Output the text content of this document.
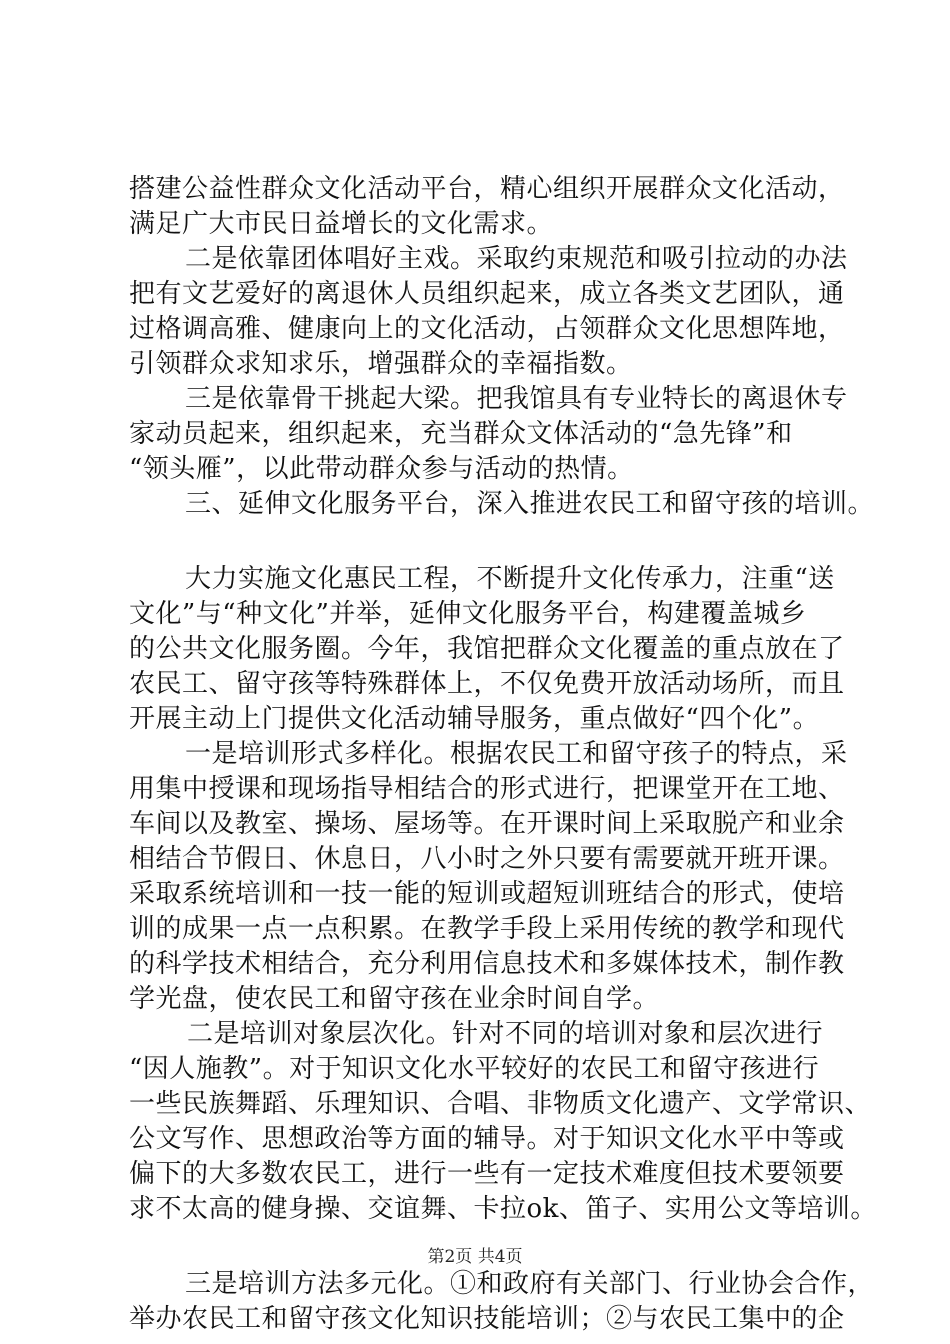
搭建公益性群众文化活动平台，精心组织开展群众文化活动，
满足广大市民日益增长的文化需求。
二是依靠团体唱好主戏。采取约束规范和吸引拉动的办法
把有文艺爱好的离退休人员组织起来，成立各类文艺团队，通
过格调高雅、健康向上的文化活动，占领群众文化思想阵地，
引领群众求知求乐，增强群众的幸福指数。
三是依靠骨干挑起大梁。把我馆具有专业特长的离退休专
家动员起来，组织起来，充当群众文体活动的“急先锋”和
“领头雁”，以此带动群众参与活动的热情。
三、延伸文化服务平台，深入推进农民工和留守孩的培训。
大力实施文化惠民工程，不断提升文化传承力，注重“送
文化”与“种文化”并举，延伸文化服务平台，构建覆盖城乡
的公共文化服务圈。今年，我馆把群众文化覆盖的重点放在了
农民工、留守孩等特殊群体上，不仅免费开放活动场所，而且
开展主动上门提供文化活动辅导服务，重点做好“四个化”。
一是培训形式多样化。根据农民工和留守孩子的特点，采
用集中授课和现场指导相结合的形式进行，把课堂开在工地、
车间以及教室、操场、屋场等。在开课时间上采取脱产和业余
相结合节假日、休息日，八小时之外只要有需要就开班开课。
采取系统培训和一技一能的短训或超短训班结合的形式，使培
训的成果一点一点积累。在教学手段上采用传统的教学和现代
的科学技术相结合，充分利用信息技术和多媒体技术，制作教
学光盘，使农民工和留守孩在业余时间自学。
二是培训对象层次化。针对不同的培训对象和层次进行
“因人施教”。对于知识文化水平较好的农民工和留守孩进行
一些民族舞蹈、乐理知识、合唱、非物质文化遗产、文学常识、
公文写作、思想政治等方面的辅导。对于知识文化水平中等或
偏下的大多数农民工，进行一些有一定技术难度但技术要领要
求不太高的健身操、交谊舞、卡拉ok、笛子、实用公文等培训。
三是培训方法多元化。①和政府有关部门、行业协会合作，
举办农民工和留守孩文化知识技能培训；②与农民工集中的企
第2页 共4页
